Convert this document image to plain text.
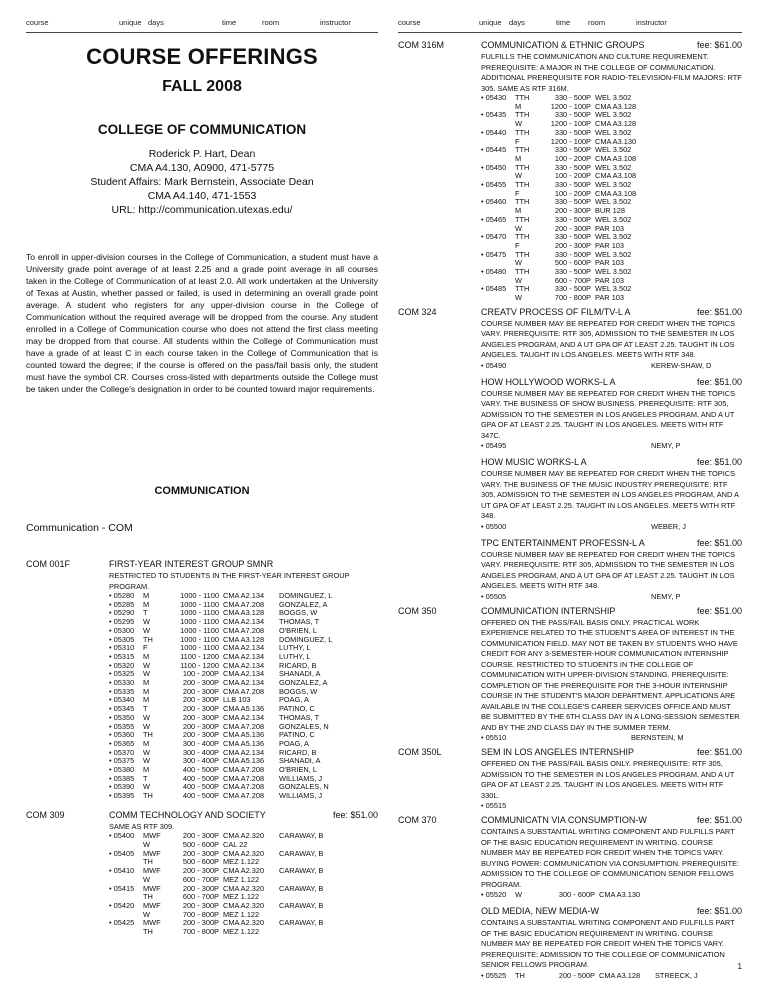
course	unique days	time	room	instructor	course	unique days	time room	instructor
COURSE OFFERINGS
FALL 2008
COLLEGE OF COMMUNICATION
Roderick P. Hart, Dean
CMA A4.130, A0900, 471-5775
Student Affairs: Mark Bernstein, Associate Dean
CMA A4.140, 471-1553
URL: http://communication.utexas.edu/
To enroll in upper-division courses in the College of Communication, a student must have a University grade point average of at least 2.25 and a grade point average in all courses taken in the College of Communication of at least 2.0. All work undertaken at the University of Texas at Austin, whether passed or failed, is used in determining an overall grade point average. A student who registers for any upper-division course in the College of Communication without the required average will be dropped from the course. Any student enrolled in a College of Communication course who does not attend the first class meeting may be dropped from that course. All students within the College of Communication must have a grade of at least C in each course taken in the College of Communication that is counted toward the degree; if the course is offered on the pass/fail basis only, the student must have the symbol CR. Courses cross-listed with departments outside the College must be taken under the College's designation in order to be counted toward major requirements.
COMMUNICATION
Communication - COM
COM 001F	FIRST-YEAR INTEREST GROUP SMNR
RESTRICTED TO STUDENTS IN THE FIRST-YEAR INTEREST GROUP PROGRAM.
• 05280	M	1000 - 1100	CMA A2.134	DOMINGUEZ, L
• 05285	M	1000 - 1100	CMA A7.208	GONZALEZ, A
• 05290	T	1000 - 1100	CMA A3.128	BOGGS, W
• 05295	W	1000 - 1100	CMA A2.134	THOMAS, T
• 05300	W	1000 - 1100	CMA A7.208	O'BRIEN, L
• 05305	TH	1000 - 1100	CMA A3.128	DOMINGUEZ, L
• 05310	F	1000 - 1100	CMA A2.134	LUTHY, L
• 05315	M	1100 - 1200	CMA A2.134	LUTHY, L
• 05320	W	1100 - 1200	CMA A2.134	RICARD, B
• 05325	W	100 - 200P	CMA A2.134	SHANADI, A
• 05330	M	200 - 300P	CMA A2.134	GONZALEZ, A
• 05335	M	200 - 300P	CMA A7.208	BOGGS, W
• 05340	M	200 - 300P	LLB 103	POAG, A
• 05345	T	200 - 300P	CMA A5.136	PATINO, C
• 05350	W	200 - 300P	CMA A2.134	THOMAS, T
• 05355	W	200 - 300P	CMA A7.208	GONZALES, N
• 05360	TH	200 - 300P	CMA A5.136	PATINO, C
• 05365	M	300 - 400P	CMA A5.136	POAG, A
• 05370	W	300 - 400P	CMA A2.134	RICARD, B
• 05375	W	300 - 400P	CMA A5.136	SHANADI, A
• 05380	M	400 - 500P	CMA A7.208	O'BRIEN, L
• 05385	T	400 - 500P	CMA A7.208	WILLIAMS, J
• 05390	W	400 - 500P	CMA A7.208	GONZALES, N
• 05395	TH	400 - 500P	CMA A7.208	WILLIAMS, J
COM 309	COMM TECHNOLOGY AND SOCIETY	fee: $51.00
SAME AS RTF 309.
• 05400	MWF	200 - 300P	CMA A2.320	CARAWAY, B
	W	500 - 600P	CAL 22	
• 05405	MWF	200 - 300P	CMA A2.320	CARAWAY, B
	TH	500 - 600P	MEZ 1.122	
• 05410	MWF	200 - 300P	CMA A2.320	CARAWAY, B
	W	600 - 700P	MEZ 1.122	
• 05415	MWF	200 - 300P	CMA A2.320	CARAWAY, B
	TH	600 - 700P	MEZ 1.122	
• 05420	MWF	200 - 300P	CMA A2.320	CARAWAY, B
	W	700 - 800P	MEZ 1.122	
• 05425	MWF	200 - 300P	CMA A2.320	CARAWAY, B
	TH	700 - 800P	MEZ 1.122	
COM 316M	COMMUNICATION & ETHNIC GROUPS	fee: $61.00
FULFILLS THE COMMUNICATION AND CULTURE REQUIREMENT. PREREQUISITE: A MAJOR IN THE COLLEGE OF COMMUNICATION. ADDITIONAL PREREQUISITE FOR RADIO-TELEVISION-FILM MAJORS: RTF 305. SAME AS RTF 316M.
• 05430	TTH	330 - 500P	WEL 3.502	
	M	1200 - 100P	CMA A3.128	
• 05435	TTH	330 - 500P	WEL 3.502	
	W	1200 - 100P	CMA A3.128	
• 05440	TTH	330 - 500P	WEL 3.502	
	F	1200 - 100P	CMA A3.130	
• 05445	TTH	330 - 500P	WEL 3.502	
	M	100 - 200P	CMA A3.108	
• 05450	TTH	330 - 500P	WEL 3.502	
	W	100 - 200P	CMA A3.108	
• 05455	TTH	330 - 500P	WEL 3.502	
	F	100 - 200P	CMA A3.108	
• 05460	TTH	330 - 500P	WEL 3.502	
	M	200 - 300P	BUR 128	
• 05465	TTH	330 - 500P	WEL 3.502	
	W	200 - 300P	PAR 103	
• 05470	TTH	330 - 500P	WEL 3.502	
	F	200 - 300P	PAR 103	
• 05475	TTH	330 - 500P	WEL 3.502	
	W	500 - 600P	PAR 103	
• 05480	TTH	330 - 500P	WEL 3.502	
	W	600 - 700P	PAR 103	
• 05485	TTH	330 - 500P	WEL 3.502	
	W	700 - 800P	PAR 103	
COM 324	CREATV PROCESS OF FILM/TV-L A	fee: $51.00
COURSE NUMBER MAY BE REPEATED FOR CREDIT WHEN THE TOPICS VARY. PREREQUISITE: RTF 305, ADMISSION TO THE SEMESTER IN LOS ANGELES PROGRAM, AND A UT GPA OF AT LEAST 2.25. TAUGHT IN LOS ANGELES. TAUGHT IN LOS ANGELES. MEETS WITH RTF 348.
• 05490	KEREW-SHAW, D
HOW HOLLYWOOD WORKS-L A	fee: $51.00
COURSE NUMBER MAY BE REPEATED FOR CREDIT WHEN THE TOPICS VARY. THE BUSINESS OF SHOW BUSINESS. PREREQUISITE: RTF 305, ADMISSION TO THE SEMESTER IN LOS ANGELES PROGRAM, AND A UT GPA OF AT LEAST 2.25. TAUGHT IN LOS ANGELES. MEETS WITH RTF 347C.
• 05495	NEMY, P
HOW MUSIC WORKS-L A	fee: $51.00
COURSE NUMBER MAY BE REPEATED FOR CREDIT WHEN THE TOPICS VARY. THE BUSINESS OF THE MUSIC INDUSTRY PREREQUISITE: RTF 305, ADMISSION TO THE SEMESTER IN LOS ANGELES PROGRAM, AND A UT GPA OF AT LEAST 2.25. TAUGHT IN LOS ANGELES. MEETS WITH RTF 348.
• 05500	WEBER, J
TPC ENTERTAINMENT PROFESSN-L A	fee: $51.00
COURSE NUMBER MAY BE REPEATED FOR CREDIT WHEN THE TOPICS VARY. PREREQUISITE: RTF 305, ADMISSION TO THE SEMESTER IN LOS ANGELES PROGRAM, AND A UT GPA OF AT LEAST 2.25. TAUGHT IN LOS ANGELES. MEETS WITH RTF 348.
• 05505	NEMY, P
COM 350	COMMUNICATION INTERNSHIP	fee: $51.00
OFFERED ON THE PASS/FAIL BASIS ONLY. PRACTICAL WORK EXPERIENCE RELATED TO THE STUDENT'S AREA OF INTEREST IN THE COMMUNICATION FIELD. MAY NOT BE TAKEN BY STUDENTS WHO HAVE CREDIT FOR ANY 3-SEMESTER-HOUR COMMUNICATION INTERNSHIP COURSE. RESTRICTED TO STUDENTS IN THE COLLEGE OF COMMUNICATION WITH UPPER-DIVISION STANDING. PREREQUISITE: COMPLETION OF THE PREREQUISITE FOR THE 3-HOUR INTERNSHIP COURSE IN THE STUDENT'S MAJOR DEPARTMENT. APPLICATIONS ARE AVAILABLE IN THE COLLEGE'S CAREER SERVICES OFFICE AND MUST BE SUBMITTED BY THE 6TH CLASS DAY IN A LONG-SESSION SEMESTER AND BY THE 2ND CLASS DAY IN THE SUMMER TERM.
• 05510	BERNSTEIN, M
COM 350L	SEM IN LOS ANGELES INTERNSHIP	fee: $51.00
OFFERED ON THE PASS/FAIL BASIS ONLY. PREREQUISITE: RTF 305, ADMISSION TO THE SEMESTER IN LOS ANGELES PROGRAM, AND A UT GPA OF AT LEAST 2.25. TAUGHT IN LOS ANGELES. MEETS WITH RTF 330L.
• 05515
COM 370	COMMUNICATN VIA CONSUMPTION-W	fee: $51.00
CONTAINS A SUBSTANTIAL WRITING COMPONENT AND FULFILLS PART OF THE BASIC EDUCATION REQUIREMENT IN WRITING. COURSE NUMBER MAY BE REPEATED FOR CREDIT WHEN THE TOPICS VARY. BUYING POWER: COMMUNICATION VIA CONSUMPTION. PREREQUISITE: ADMISSION TO THE COLLEGE OF COMMUNICATION SENIOR FELLOWS PROGRAM.
• 05520	W	300 - 600P CMA A3.130
OLD MEDIA, NEW MEDIA-W	fee: $51.00
CONTAINS A SUBSTANTIAL WRITING COMPONENT AND FULFILLS PART OF THE BASIC EDUCATION REQUIREMENT IN WRITING. COURSE NUMBER MAY BE REPEATED FOR CREDIT WHEN THE TOPICS VARY. PREREQUISITE: ADMISSION TO THE COLLEGE OF COMMUNICATION SENIOR FELLOWS PROGRAM.
• 05525	TH	200 - 500P CMA A3.128	STREECK, J
1
